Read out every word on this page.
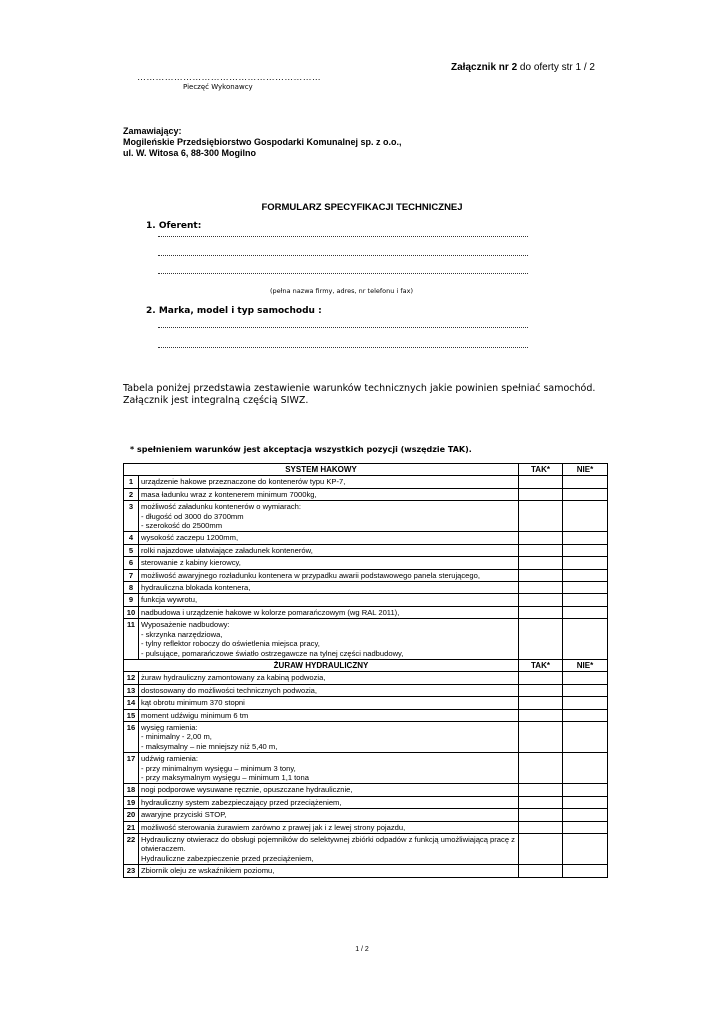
Załącznik nr 2 do oferty str 1 / 2
……………………………………………………
Pieczęć Wykonawcy
Zamawiający:
Mogileńskie Przedsiębiorstwo Gospodarki Komunalnej sp. z o.o.,
ul. W. Witosa 6, 88-300 Mogilno
FORMULARZ SPECYFIKACJI TECHNICZNEJ
1. Oferent:
(pełna nazwa firmy, adres, nr telefonu i fax)
2. Marka, model i typ samochodu :
Tabela poniżej przedstawia zestawienie warunków technicznych jakie powinien spełniać samochód. Załącznik jest integralną częścią SIWZ.
* spełnieniem warunków jest akceptacja wszystkich pozycji (wszędzie TAK).
SYSTEM HAKOWY		TAK*	NIE*
1	urządzenie hakowe przeznaczone do kontenerów typu KP-7,		
2	masa ładunku wraz z kontenerem minimum 7000kg,		
3	możliwość załadunku kontenerów o wymiarach:
- długość od 3000 do 3700mm
- szerokość do 2500mm		
4	wysokość zaczepu 1200mm,		
5	rolki najazdowe ułatwiające załadunek kontenerów,		
6	sterowanie z kabiny kierowcy,		
7	możliwość awaryjnego rozładunku kontenera w przypadku awarii podstawowego panela sterującego,		
8	hydrauliczna blokada kontenera,		
9	funkcja wywrotu,		
10	nadbudowa i urządzenie hakowe w kolorze pomarańczowym (wg RAL 2011),		
11	Wyposażenie nadbudowy:
- skrzynka narzędziowa,
- tylny reflektor roboczy do oświetlenia miejsca pracy,
- pulsujące, pomarańczowe światło ostrzegawcze na tylnej części nadbudowy,		
ŻURAW HYDRAULICZNY		TAK*	NIE*
12	żuraw hydrauliczny zamontowany za kabiną podwozia,		
13	dostosowany do możliwości technicznych podwozia,		
14	kąt obrotu minimum 370 stopni		
15	moment udźwigu minimum 6 tm		
16	wysięg ramienia:
- minimalny - 2,00 m,
- maksymalny – nie mniejszy niż 5,40 m,		
17	udźwig ramienia:
- przy minimalnym wysięgu – minimum 3 tony,
- przy maksymalnym wysięgu – minimum 1,1 tona		
18	nogi podporowe wysuwane ręcznie, opuszczane hydraulicznie,		
19	hydrauliczny system zabezpieczający przed przeciążeniem,		
20	awaryjne przyciski STOP,		
21	możliwość sterowania żurawiem zarówno z prawej jak i z lewej strony pojazdu,		
22	Hydrauliczny otwieracz do obsługi pojemników do selektywnej zbiórki odpadów z funkcją umożliwiającą pracę z otwieraczem.
Hydrauliczne zabezpieczenie przed przeciążeniem,		
23	Zbiornik oleju ze wskaźnikiem poziomu,		
1 / 2
